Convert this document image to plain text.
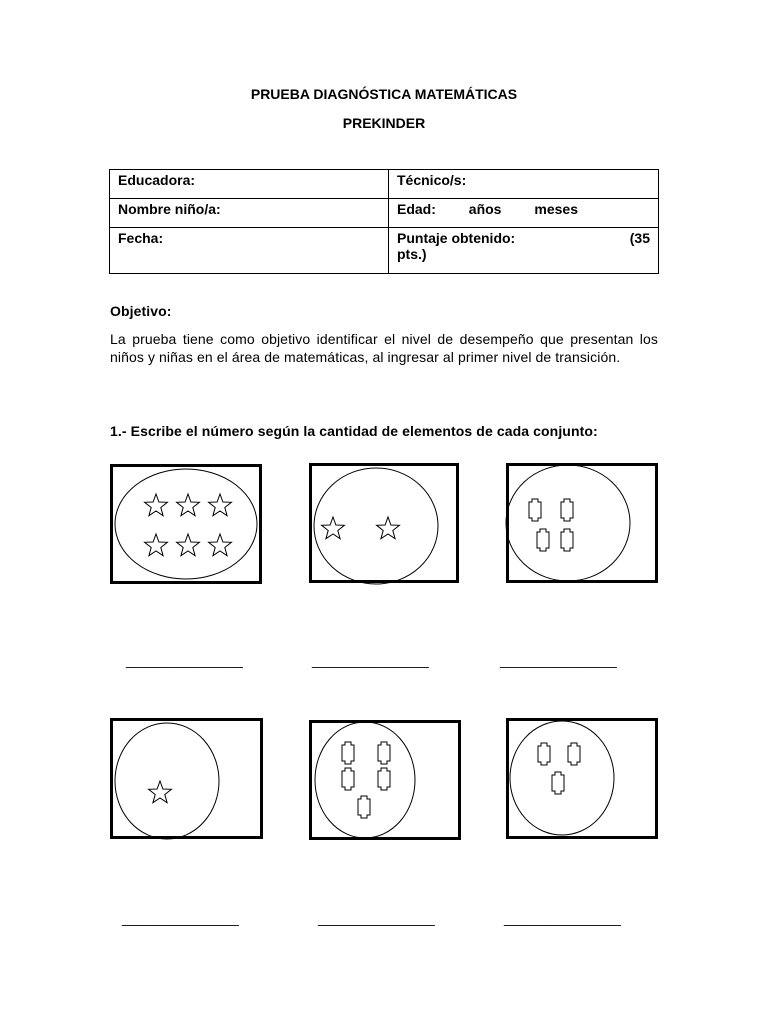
PRUEBA DIAGNÓSTICA MATEMÁTICAS
PREKINDER
Educadora:	Técnico/s:
Nombre niño/a:	Edad: años meses

Fecha:	Puntaje obtenido: (35
pts.)
Objetivo:
La prueba tiene como objetivo identificar el nivel de desempeño que presentan los niños y niñas en el área de matemáticas, al ingresar al primer nivel de transición.
1.- Escribe el número según la cantidad de elementos de cada conjunto:
_______________	_______________	_______________
_______________	_______________	_______________
